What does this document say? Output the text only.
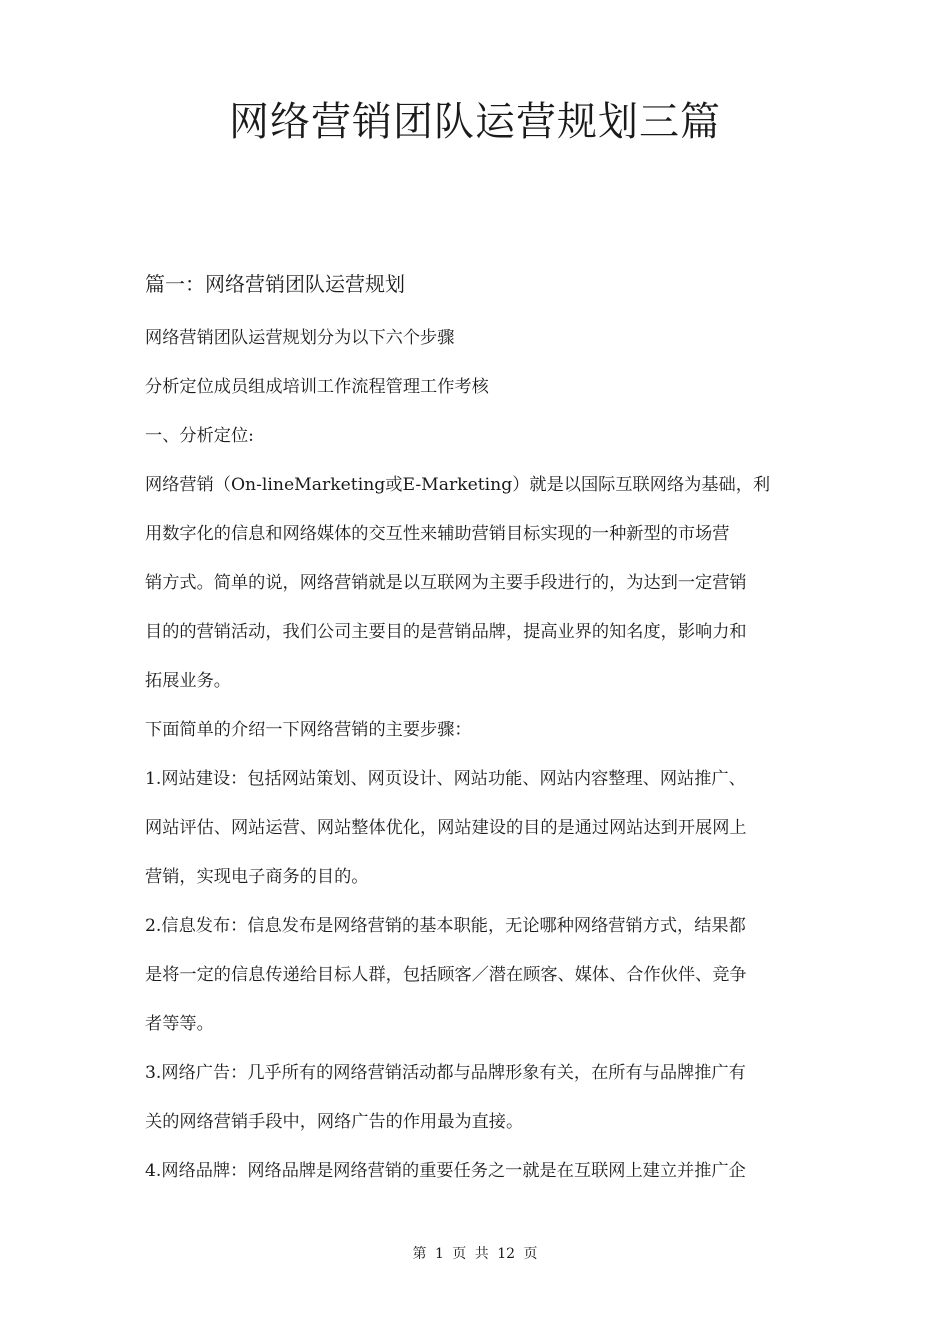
网络营销团队运营规划三篇
篇一：网络营销团队运营规划

网络营销团队运营规划分为以下六个步骤

分析定位成员组成培训工作流程管理工作考核

一、分析定位:

网络营销（On-lineMarketing或E-Marketing）就是以国际互联网络为基础，利

用数字化的信息和网络媒体的交互性来辅助营销目标实现的一种新型的市场营

销方式。简单的说，网络营销就是以互联网为主要手段进行的，为达到一定营销

目的的营销活动，我们公司主要目的是营销品牌，提高业界的知名度，影响力和

拓展业务。

下面简单的介绍一下网络营销的主要步骤：

1.网站建设：包括网站策划、网页设计、网站功能、网站内容整理、网站推广、

网站评估、网站运营、网站整体优化，网站建设的目的是通过网站达到开展网上

营销，实现电子商务的目的。

2.信息发布：信息发布是网络营销的基本职能，无论哪种网络营销方式，结果都

是将一定的信息传递给目标人群，包括顾客／潜在顾客、媒体、合作伙伴、竞争

者等等。

3.网络广告：几乎所有的网络营销活动都与品牌形象有关，在所有与品牌推广有

关的网络营销手段中，网络广告的作用最为直接。

4.网络品牌：网络品牌是网络营销的重要任务之一就是在互联网上建立并推广企

第 1 页 共 12 页
